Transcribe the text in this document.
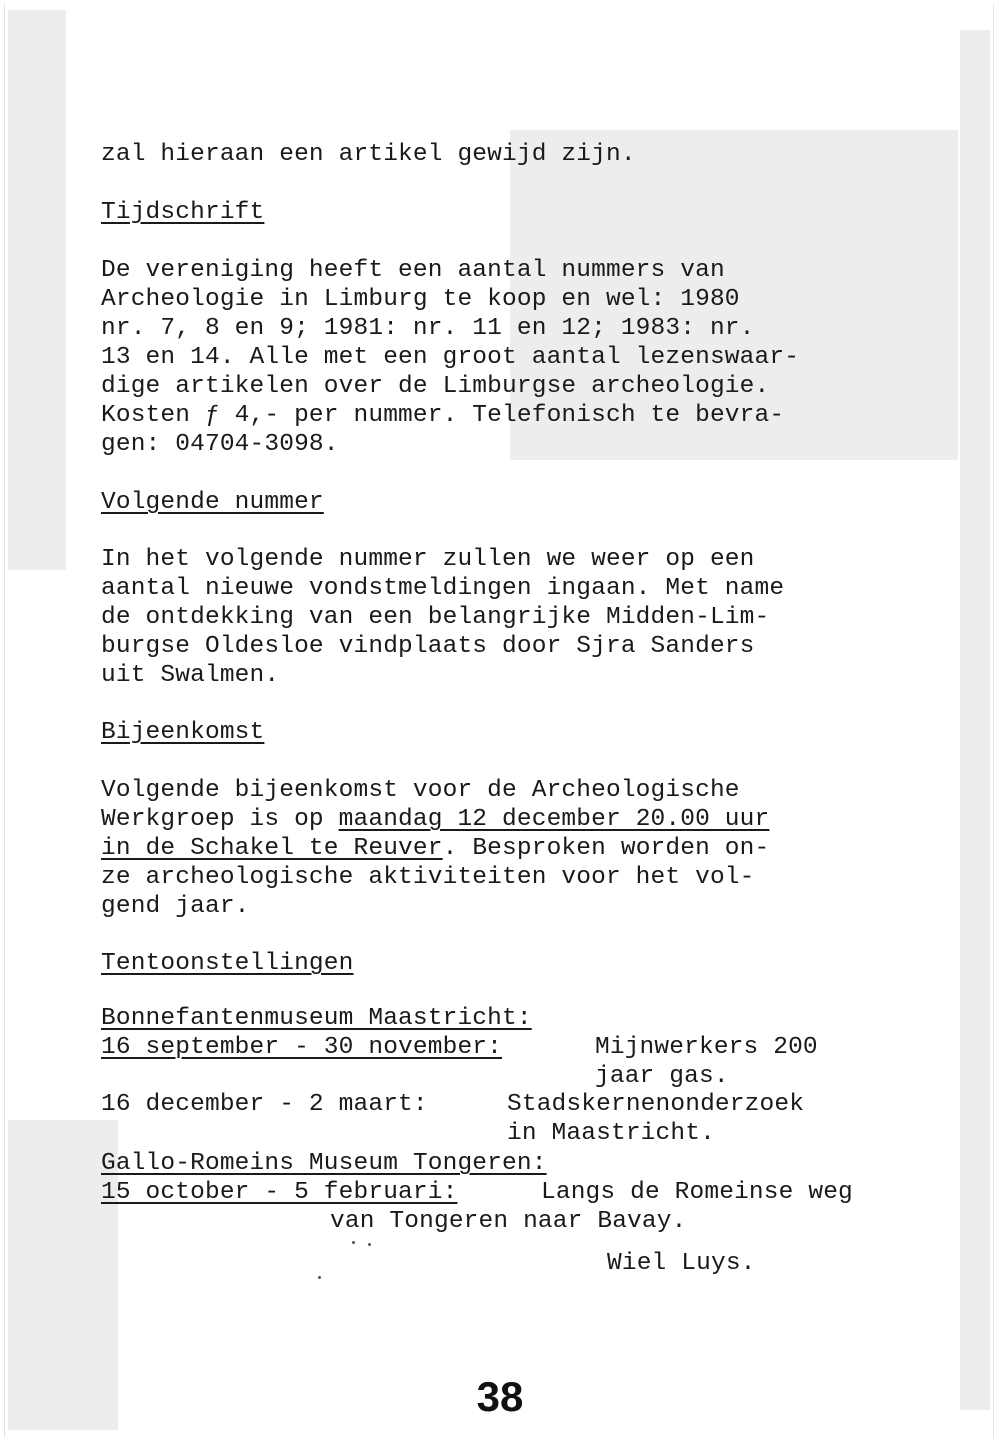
zal hieraan een artikel gewijd zijn.
Tijdschrift
De vereniging heeft een aantal nummers van
Archeologie in Limburg te koop en wel: 1980
nr. 7, 8 en 9; 1981: nr. 11 en 12; 1983: nr.
13 en 14. Alle met een groot aantal lezenswaar-
dige artikelen over de Limburgse archeologie.
Kosten ƒ 4,- per nummer. Telefonisch te bevra-
gen: 04704-3098.
Volgende nummer
In het volgende nummer zullen we weer op een
aantal nieuwe vondstmeldingen ingaan. Met name
de ontdekking van een belangrijke Midden-Lim-
burgse Oldesloe vindplaats door Sjra Sanders
uit Swalmen.
Bijeenkomst
Volgende bijeenkomst voor de Archeologische
Werkgroep is op maandag 12 december 20.00 uur
in de Schakel te Reuver. Besproken worden on-
ze archeologische aktiviteiten voor het vol-
gend jaar.
Tentoonstellingen
Bonnefantenmuseum Maastricht:
16 september - 30 november:	Mijnwerkers 200
jaar gas.
16 december - 2 maart:	Stadskernenonderzoek
in Maastricht.
Gallo-Romeins Museum Tongeren:
15 october - 5 februari:	Langs de Romeinse weg
van Tongeren naar Bavay.
Wiel Luys.
38
